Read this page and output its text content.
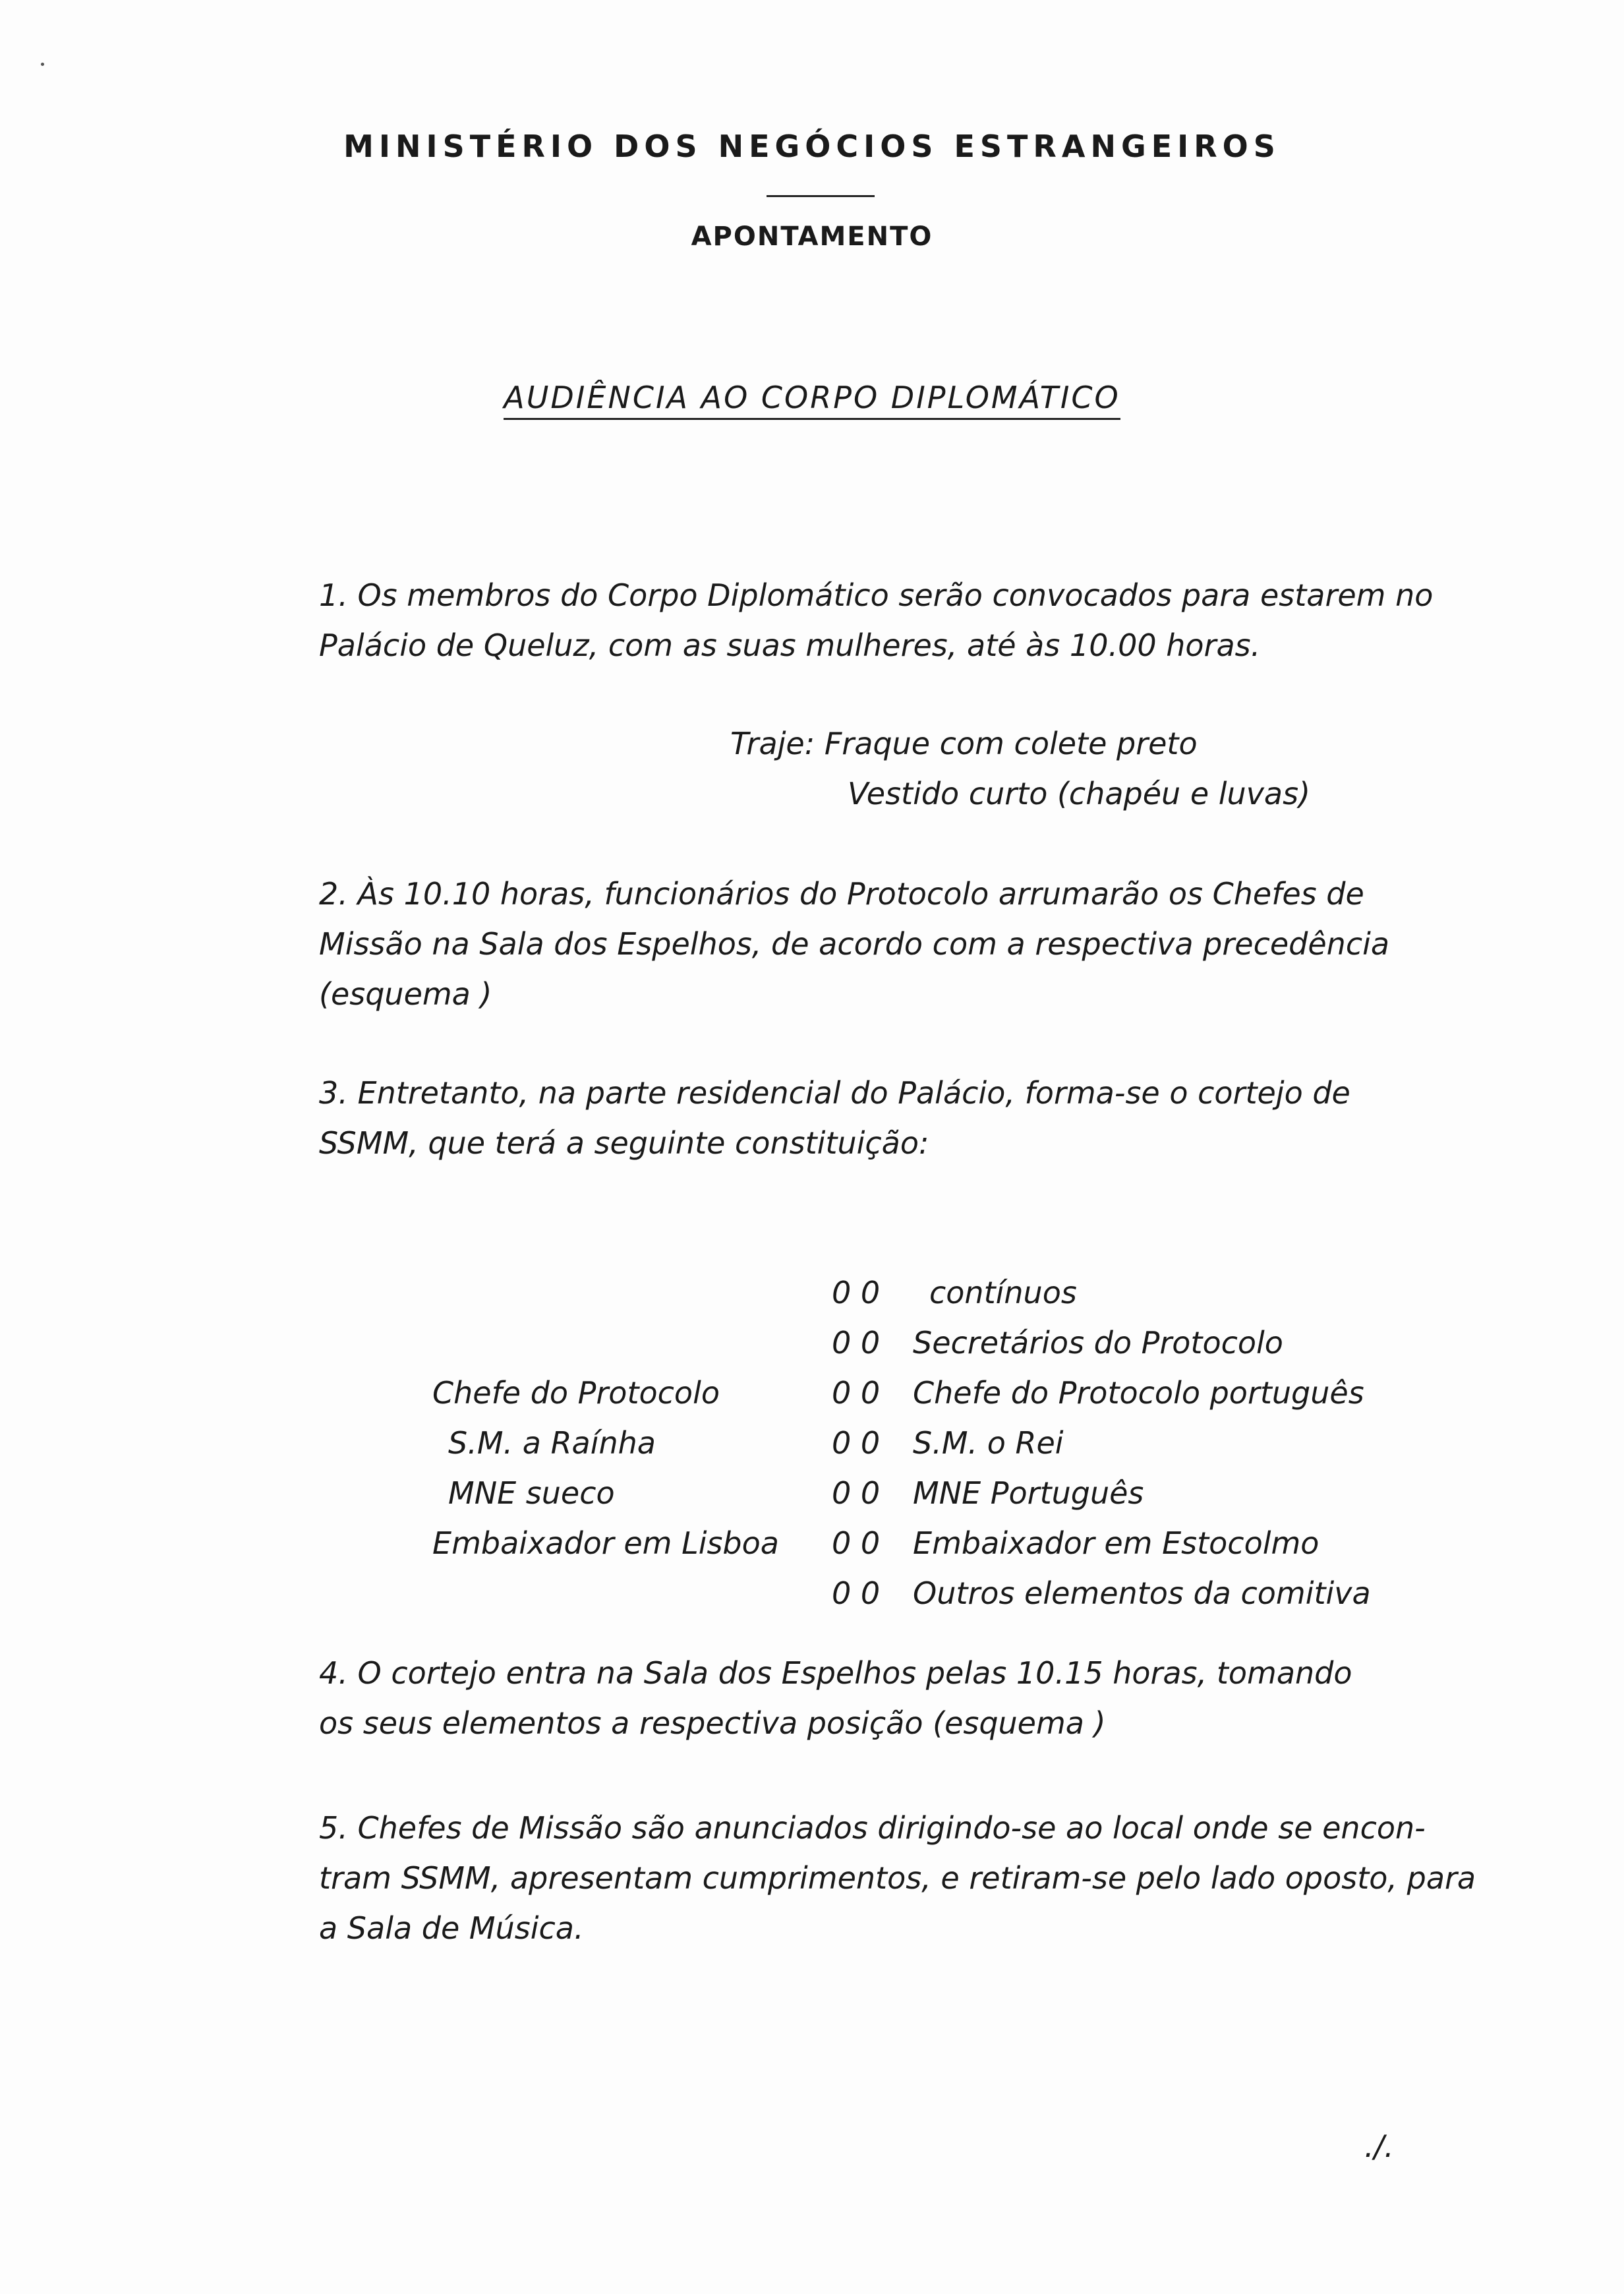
MINISTÉRIO DOS NEGÓCIOS ESTRANGEIROS
APONTAMENTO
AUDIÊNCIA AO CORPO DIPLOMÁTICO
1. Os membros do Corpo Diplomático serão convocados para estarem no
Palácio de Queluz, com as suas mulheres, até às 10.00 horas.
Traje: Fraque com colete preto
Vestido curto (chapéu e luvas)
2. Às 10.10 horas, funcionários do Protocolo arrumarão os Chefes de
Missão na Sala dos Espelhos, de acordo com a respectiva precedência
(esquema )
3. Entretanto, na parte residencial do Palácio, forma-se o cortejo de
SSMM, que terá a seguinte constituição:
0 0 contínuos
0 0 Secretários do Protocolo
Chefe do Protocolo	0 0 Chefe do Protocolo português
S.M. a Raínha	0 0 S.M. o Rei
MNE sueco	0 0 MNE Português
Embaixador em Lisboa 0 0 Embaixador em Estocolmo
0 0 Outros elementos da comitiva
4. O cortejo entra na Sala dos Espelhos pelas 10.15 horas, tomando
os seus elementos a respectiva posição (esquema )
5. Chefes de Missão são anunciados dirigindo-se ao local onde se encon-
tram SSMM, apresentam cumprimentos, e retiram-se pelo lado oposto, para
a Sala de Música.
./.
